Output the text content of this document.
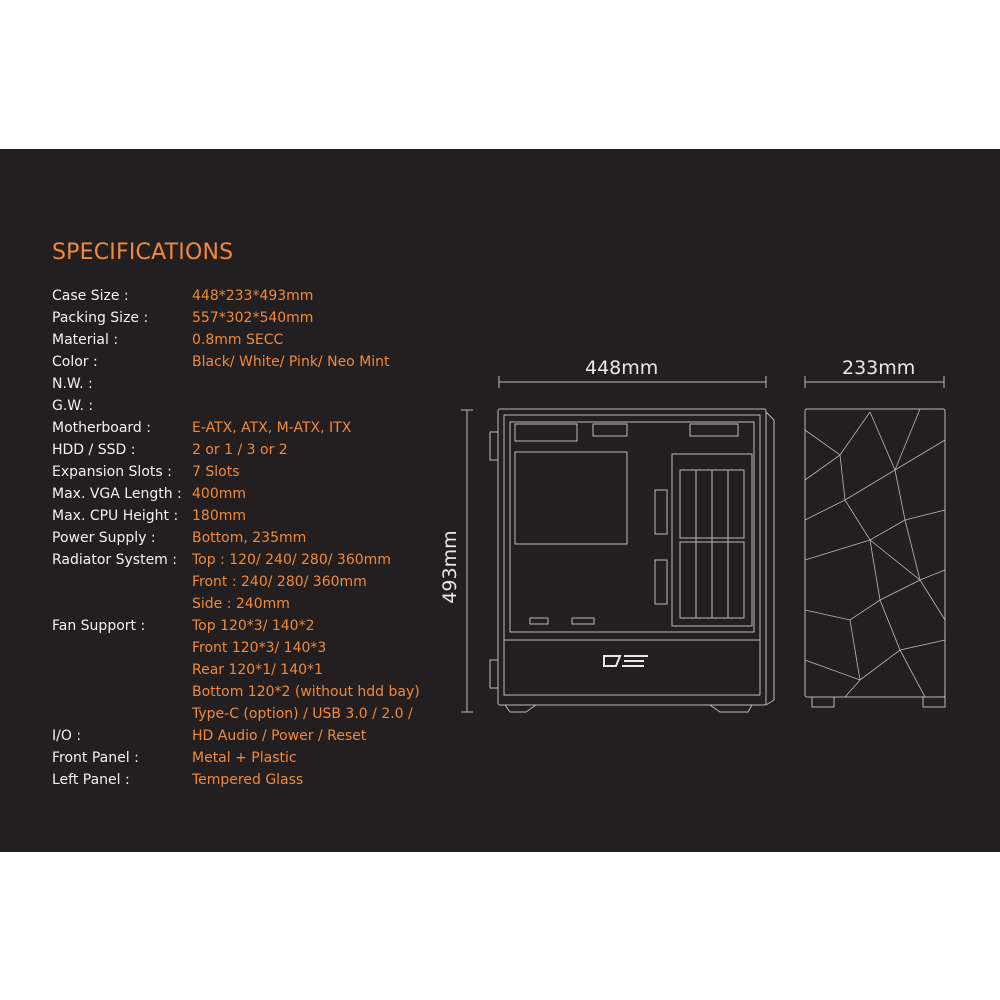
SPECIFICATIONS
Case Size :	448*233*493mm
Packing Size :	557*302*540mm
Material :	0.8mm SECC
Color :	Black/ White/ Pink/ Neo Mint
N.W. :
G.W. :
Motherboard :	E-ATX, ATX, M-ATX, ITX
HDD / SSD :	2 or 1 / 3 or 2
Expansion Slots : 7 Slots
Max. VGA Length : 400mm
Max. CPU Height : 180mm
Power Supply :	Bottom, 235mm
Radiator System : Top : 120/ 240/ 280/ 360mm
Front : 240/ 280/ 360mm
Side : 240mm
Fan Support :	Top 120*3/ 140*2
Front 120*3/ 140*3
Rear 120*1/ 140*1
Bottom 120*2 (without hdd bay)
Type-C (option) / USB 3.0 / 2.0 /
I/O :	HD Audio / Power / Reset
Front Panel :	Metal + Plastic
Left Panel :	Tempered Glass
448mm	233mm
493mm
